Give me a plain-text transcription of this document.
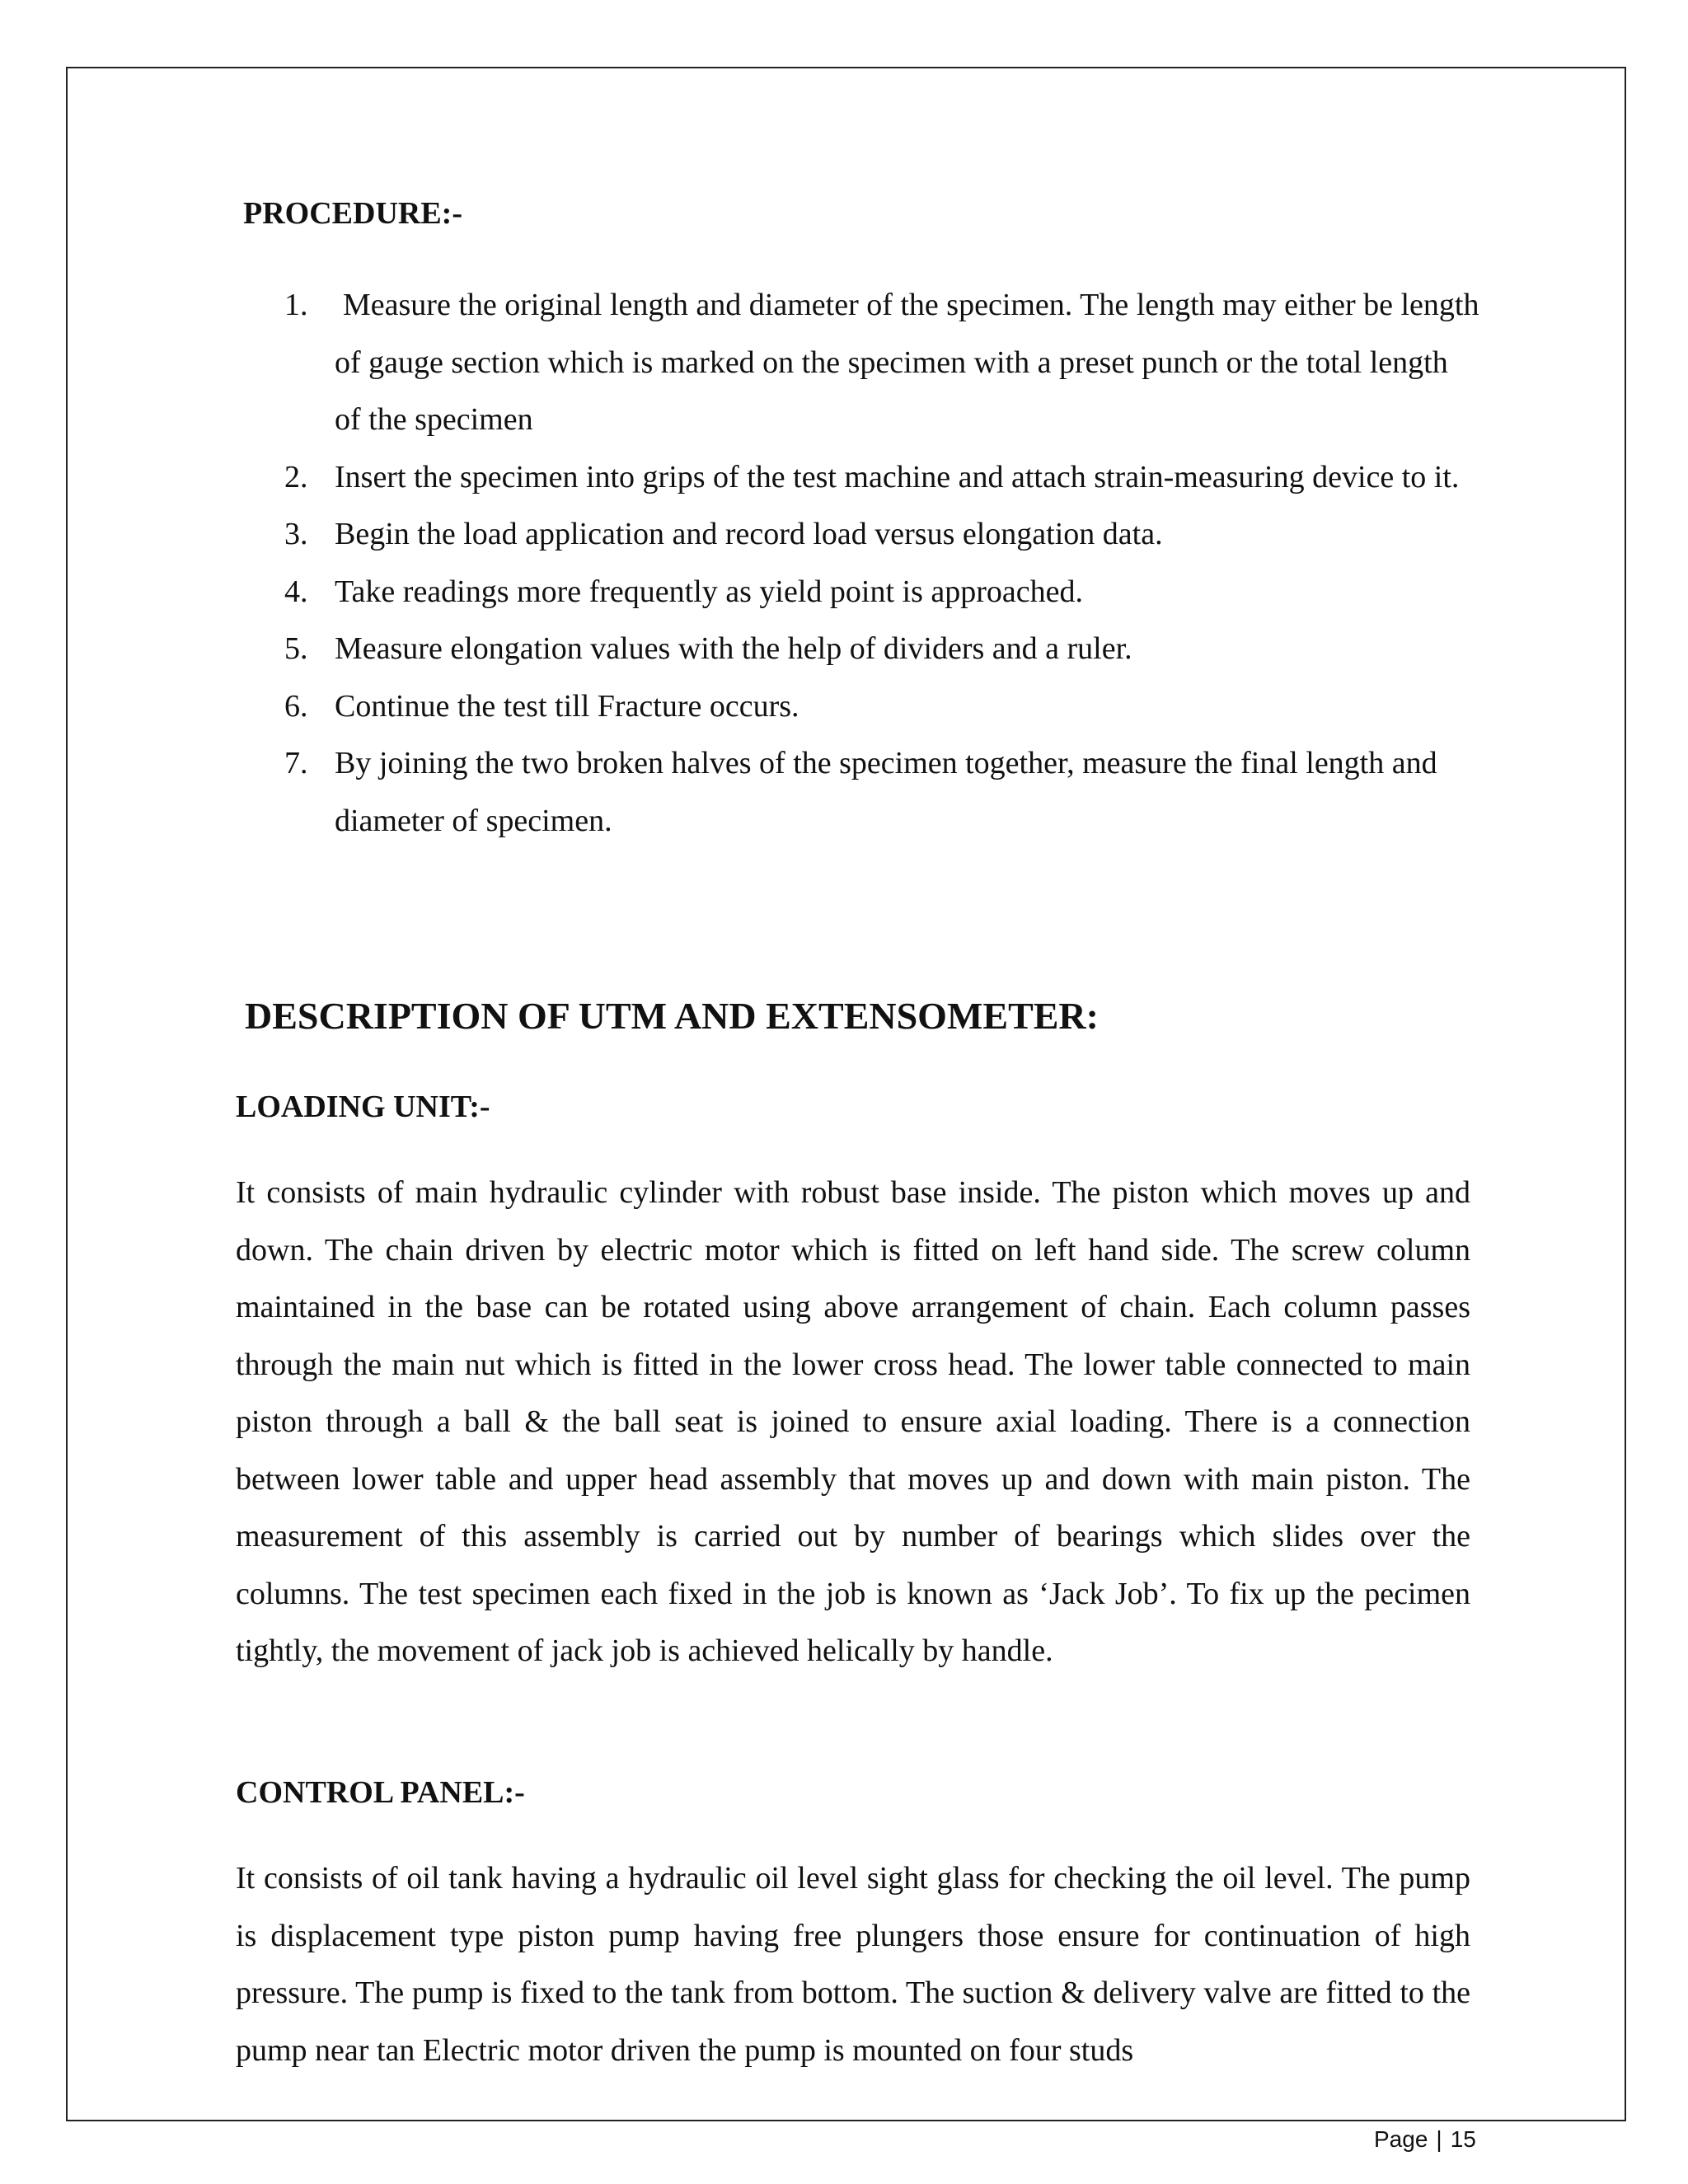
PROCEDURE:-
1.	Measure the original length and diameter of the specimen. The length may either be length of gauge section which is marked on the specimen with a preset punch or the total length of the specimen
2. Insert the specimen into grips of the test machine and attach strain-measuring device to it.
3. Begin the load application and record load versus elongation data.
4. Take readings more frequently as yield point is approached.
5. Measure elongation values with the help of dividers and a ruler.
6. Continue the test till Fracture occurs.
7. By joining the two broken halves of the specimen together, measure the final length and diameter of specimen.
DESCRIPTION OF UTM AND EXTENSOMETER:
LOADING UNIT:-

It consists of main hydraulic cylinder with robust base inside. The piston which moves up and down. The chain driven by electric motor which is fitted on left hand side. The screw column maintained in the base can be rotated using above arrangement of chain. Each column passes through the main nut which is fitted in the lower cross head. The lower table connected to main piston through a ball & the ball seat is joined to ensure axial loading. There is a connection between lower table and upper head assembly that moves up and down with main piston. The measurement of this assembly is carried out by number of bearings which slides over the columns. The test specimen each fixed in the job is known as ‘Jack Job’. To fix up the pecimen tightly, the movement of jack job is achieved helically by handle.

CONTROL PANEL:-

It consists of oil tank having a hydraulic oil level sight glass for checking the oil level. The pump is displacement type piston pump having free plungers those ensure for continuation of high pressure. The pump is fixed to the tank from bottom. The suction & delivery valve are fitted to the pump near tan Electric motor driven the pump is mounted on four studs

Page | 15
